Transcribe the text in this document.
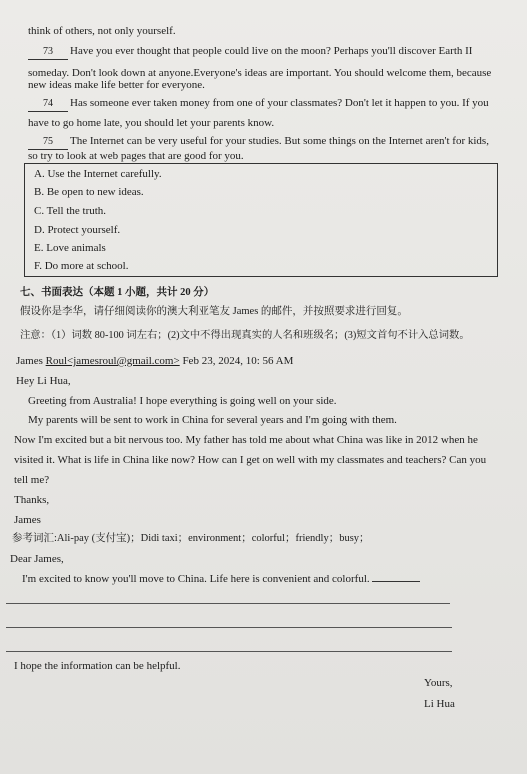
think of others, not only yourself.
73 Have you ever thought that people could live on the moon? Perhaps you'll discover Earth II
someday. Don't look down at anyone.Everyone's ideas are important. You should welcome them, because
new ideas make life better for everyone.
74 Has someone ever taken money from one of your classmates? Don't let it happen to you. If you
have to go home late, you should let your parents know.
75 The Internet can be very useful for your studies. But some things on the Internet aren't for kids,
so try to look at web pages that are good for you.
A. Use the Internet carefully.
B. Be open to new ideas.
C. Tell the truth.
D. Protect yourself.
E. Love animals
F. Do more at school.
七、书面表达（本题 1 小题，共计 20 分）
假设你是李华，请仔细阅读你的澳大利亚笔友 James 的邮件，并按照要求进行回复。
注意：（1）词数 80-100 词左右；(2)文中不得出现真实的人名和班级名；(3)短文首句不计入总词数。
James Roul<jamesroul@gmail.com> Feb 23, 2024, 10: 56 AM
Hey Li Hua,
Greeting from Australia! I hope everything is going well on your side.
My parents will be sent to work in China for several years and I'm going with them.
Now I'm excited but a bit nervous too. My father has told me about what China was like in 2012 when he
visited it. What is life in China like now? How can I get on well with my classmates and teachers? Can you
tell me?
Thanks,
James
参考词汇:Ali-pay (支付宝)；Didi taxi；environment；colorful；friendly；busy；
Dear James,
I'm excited to know you'll move to China. Life here is convenient and colorful.
I hope the information can be helpful.
Yours,
Li Hua
